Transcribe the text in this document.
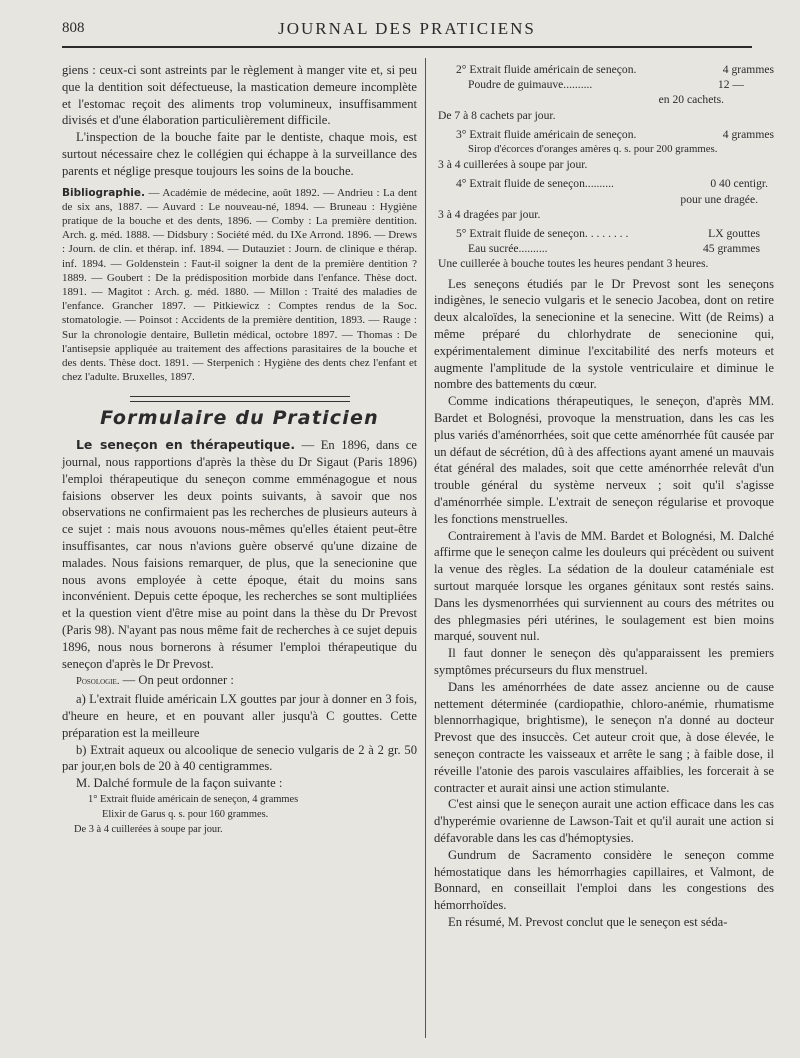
808	JOURNAL DES PRATICIENS

giens : ceux-ci sont astreints par le règlement à manger vite et, si peu que la dentition soit défectueuse, la mastication demeure incomplète et l'estomac reçoit des aliments trop volumineux, insuffisamment divisés et d'une élaboration particulièrement difficile.

L'inspection de la bouche faite par le dentiste, chaque mois, est surtout nécessaire chez le collégien qui échappe à la surveillance des parents et néglige presque toujours les soins de la bouche.

Bibliographie. — Académie de médecine, août 1892. — Andrieu : La dent de six ans, 1887. — Auvard : Le nouveau-né, 1894. — Bruneau : Hygiène pratique de la bouche et des dents, 1896. — Comby : La première dentition. Arch. g. méd. 1888. — Didsbury : Société méd. du IXe Arrond. 1896. — Drews : Journ. de clin. et thérap. inf. 1894. — Dutauziet : Journ. de clinique e thérap. inf. 1894. — Goldenstein : Faut-il soigner la dent de la première dentition ? 1889. — Goubert : De la prédisposition morbide dans l'enfance. Thèse doct. 1891. — Magitot : Arch. g. méd. 1880. — Millon : Traité des maladies de l'enfance. Grancher 1897. — Pitkiewicz : Comptes rendus de la Soc. stomatologie. — Poinsot : Accidents de la première dentition, 1893. — Rauge : Sur la chronologie dentaire, Bulletin médical, octobre 1897. — Thomas : De l'antisepsie appliquée au traitement des affections parasitaires de la bouche et des dents. Thèse doct. 1891. — Sterpenich : Hygiène des dents chez l'enfant et chez l'adulte. Bruxelles, 1897.

Formulaire du Praticien

Le seneçon en thérapeutique. — En 1896, dans ce journal, nous rapportions d'après la thèse du Dr Sigaut (Paris 1896) l'emploi thérapeutique du seneçon comme emménagogue et nous faisions observer les deux points suivants, à savoir que nos observations ne confirmaient pas les recherches de plusieurs auteurs à ce sujet : mais nous avouons nous-mêmes qu'elles étaient peut-être insuffisantes, car nous n'avions guère observé qu'une dizaine de malades. Nous faisions remarquer, de plus, que la senecionine que nous avons employée à cette époque, était du moins sans inconvénient. Depuis cette époque, les recherches se sont multipliées et la question vient d'être mise au point dans la thèse du Dr Prevost (Paris 98). N'ayant pas nous même fait de recherches à ce sujet depuis 1896, nous nous bornerons à résumer l'emploi thérapeutique du seneçon d'après le Dr Prevost.

Posologie. — On peut ordonner :

a) L'extrait fluide américain LX gouttes par jour à donner en 3 fois, d'heure en heure, et en pouvant aller jusqu'à C gouttes. Cette préparation est la meilleure

b) Extrait aqueux ou alcoolique de senecio vulgaris de 2 à 2 gr. 50 par jour,en bols de 20 à 40 centigrammes.

M. Dalché formule de la façon suivante :

1° Extrait fluide américain de seneçon, 4 grammes
Elixir de Garus q. s. pour 160 grammes.
De 3 à 4 cuillerées à soupe par jour.
2° Extrait fluide américain de seneçon.	4 grammes
Poudre de guimauve..........	12 —
en 20 cachets.
De 7 à 8 cachets par jour.
3° Extrait fluide américain de seneçon.	4 grammes
Sirop d'écorces d'oranges amères q. s. pour 200 grammes.
3 à 4 cuillerées à soupe par jour.
4° Extrait fluide de seneçon..........	0 40 centigr.
pour une dragée.
3 à 4 dragées par jour.
5° Extrait fluide de seneçon. . . . . . . .	LX gouttes
Eau sucrée..........	45 grammes
Une cuillerée à bouche toutes les heures pendant 3 heures.

Les seneçons étudiés par le Dr Prevost sont les seneçons indigènes, le senecio vulgaris et le senecio Jacobea, dont on retire deux alcaloïdes, la senecionine et la senecine. Witt (de Reims) a même préparé du chlorhydrate de senecionine qui, expérimentalement diminue l'excitabilité des nerfs moteurs et augmente l'amplitude de la systole ventriculaire et diminue le nombre des battements du cœur.

Comme indications thérapeutiques, le seneçon, d'après MM. Bardet et Bolognési, provoque la menstruation, dans les cas les plus variés d'aménorrhées, soit que cette aménorrhée fût causée par un défaut de sécrétion, dû à des affections ayant amené un mauvais état général des malades, soit que cette aménorrhée relevât d'un trouble général du système nerveux ; soit qu'il s'agisse d'aménorrhée simple. L'extrait de seneçon régularise et provoque les fonctions menstruelles.

Contrairement à l'avis de MM. Bardet et Bolognési, M. Dalché affirme que le seneçon calme les douleurs qui précèdent ou suivent la venue des règles. La sédation de la douleur cataméniale est surtout marquée lorsque les organes génitaux sont restés sains. Dans les dysmenorrhées qui surviennent au cours des métrites ou des phlegmasies péri utérines, le soulagement est bien moins marqué, souvent nul.

Il faut donner le seneçon dès qu'apparaissent les premiers symptômes précurseurs du flux menstruel.

Dans les aménorrhées de date assez ancienne ou de cause nettement déterminée (cardiopathie, chloro-anémie, rhumatisme blennorrhagique, brightisme), le seneçon n'a donné au docteur Prevost que des insuccès. Cet auteur croit que, à dose élevée, le seneçon contracte les vaisseaux et arrête le sang ; à faible dose, il réveille l'atonie des parois vasculaires affaiblies, les forcerait à se contracter et aurait ainsi une action stimulante.

C'est ainsi que le seneçon aurait une action efficace dans les cas d'hyperémie ovarienne de Lawson-Tait et qu'il aurait une action si défavorable dans les cas d'hémoptysies.

Gundrum de Sacramento considère le seneçon comme hémostatique dans les hémorrhagies capillaires, et Valmont, de Bonnard, en conseillait l'emploi dans les congestions des hémorrhoïdes.

En résumé, M. Prevost conclut que le seneçon est séda-
